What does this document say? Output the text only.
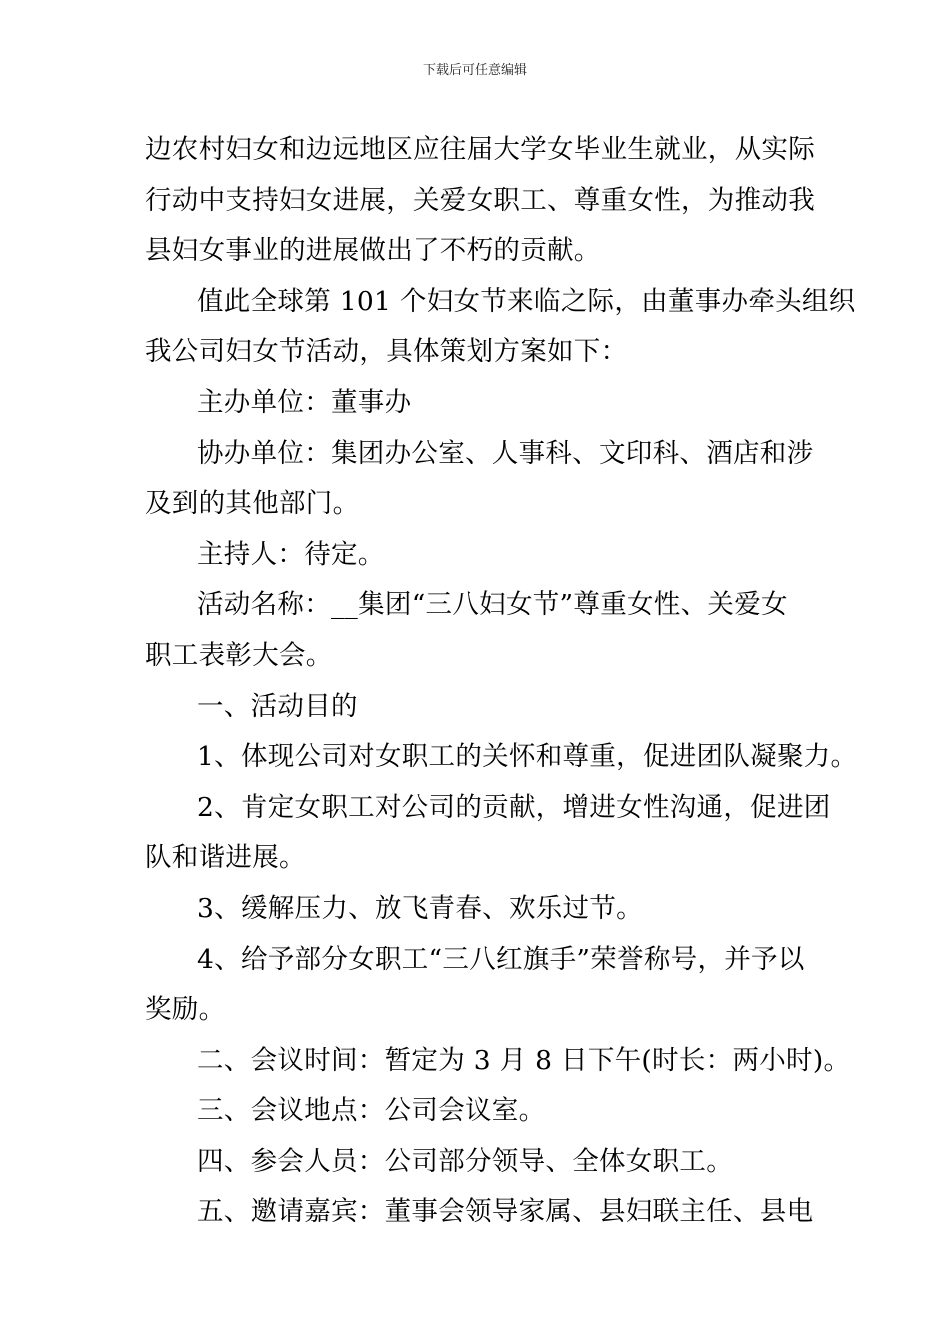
下载后可任意编辑
边农村妇女和边远地区应往届大学女毕业生就业，从实际
行动中支持妇女进展，关爱女职工、尊重女性，为推动我
县妇女事业的进展做出了不朽的贡献。
值此全球第 101 个妇女节来临之际，由董事办牵头组织
我公司妇女节活动，具体策划方案如下：
主办单位：董事办
协办单位：集团办公室、人事科、文印科、酒店和涉
及到的其他部门。
主持人：待定。
活动名称：__集团“三八妇女节”尊重女性、关爱女
职工表彰大会。
一、活动目的
1、体现公司对女职工的关怀和尊重，促进团队凝聚力。
2、肯定女职工对公司的贡献，增进女性沟通，促进团
队和谐进展。
3、缓解压力、放飞青春、欢乐过节。
4、给予部分女职工“三八红旗手”荣誉称号，并予以
奖励。
二、会议时间：暂定为 3 月 8 日下午(时长：两小时)。
三、会议地点：公司会议室。
四、参会人员：公司部分领导、全体女职工。
五、邀请嘉宾：董事会领导家属、县妇联主任、县电
